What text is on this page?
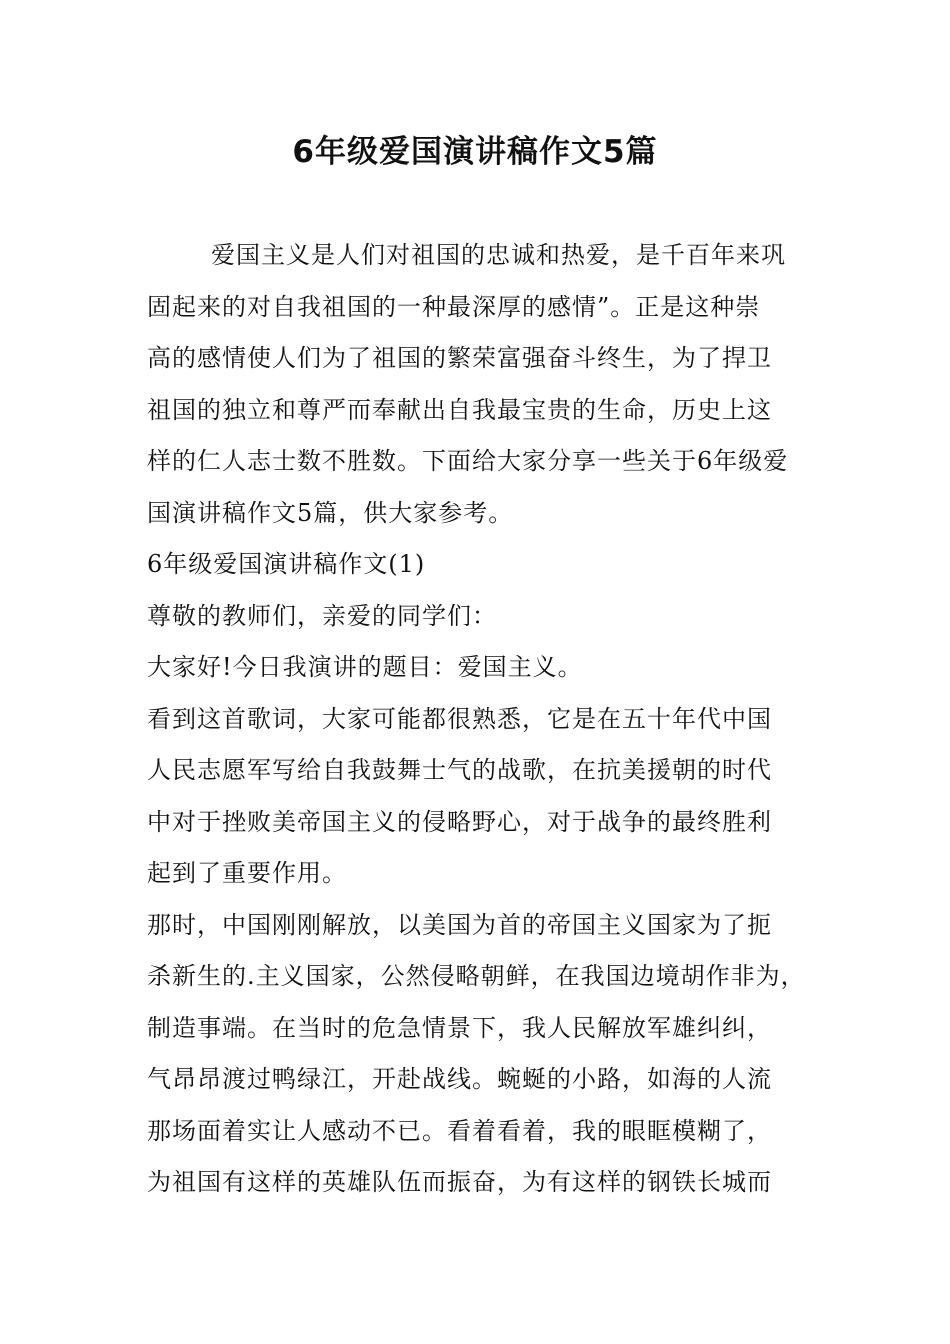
6年级爱国演讲稿作文5篇
爱国主义是人们对祖国的忠诚和热爱，是千百年来巩
固起来的对自我祖国的一种最深厚的感情”。正是这种崇
高的感情使人们为了祖国的繁荣富强奋斗终生，为了捍卫
祖国的独立和尊严而奉献出自我最宝贵的生命，历史上这
样的仁人志士数不胜数。下面给大家分享一些关于6年级爱
国演讲稿作文5篇，供大家参考。
6年级爱国演讲稿作文(1)
尊敬的教师们，亲爱的同学们：
大家好!今日我演讲的题目：爱国主义。
看到这首歌词，大家可能都很熟悉，它是在五十年代中国
人民志愿军写给自我鼓舞士气的战歌，在抗美援朝的时代
中对于挫败美帝国主义的侵略野心，对于战争的最终胜利
起到了重要作用。
那时，中国刚刚解放，以美国为首的帝国主义国家为了扼
杀新生的.主义国家，公然侵略朝鲜，在我国边境胡作非为，
制造事端。在当时的危急情景下，我人民解放军雄纠纠，
气昂昂渡过鸭绿江，开赴战线。蜿蜒的小路，如海的人流
那场面着实让人感动不已。看着看着，我的眼眶模糊了，
为祖国有这样的英雄队伍而振奋，为有这样的钢铁长城而
